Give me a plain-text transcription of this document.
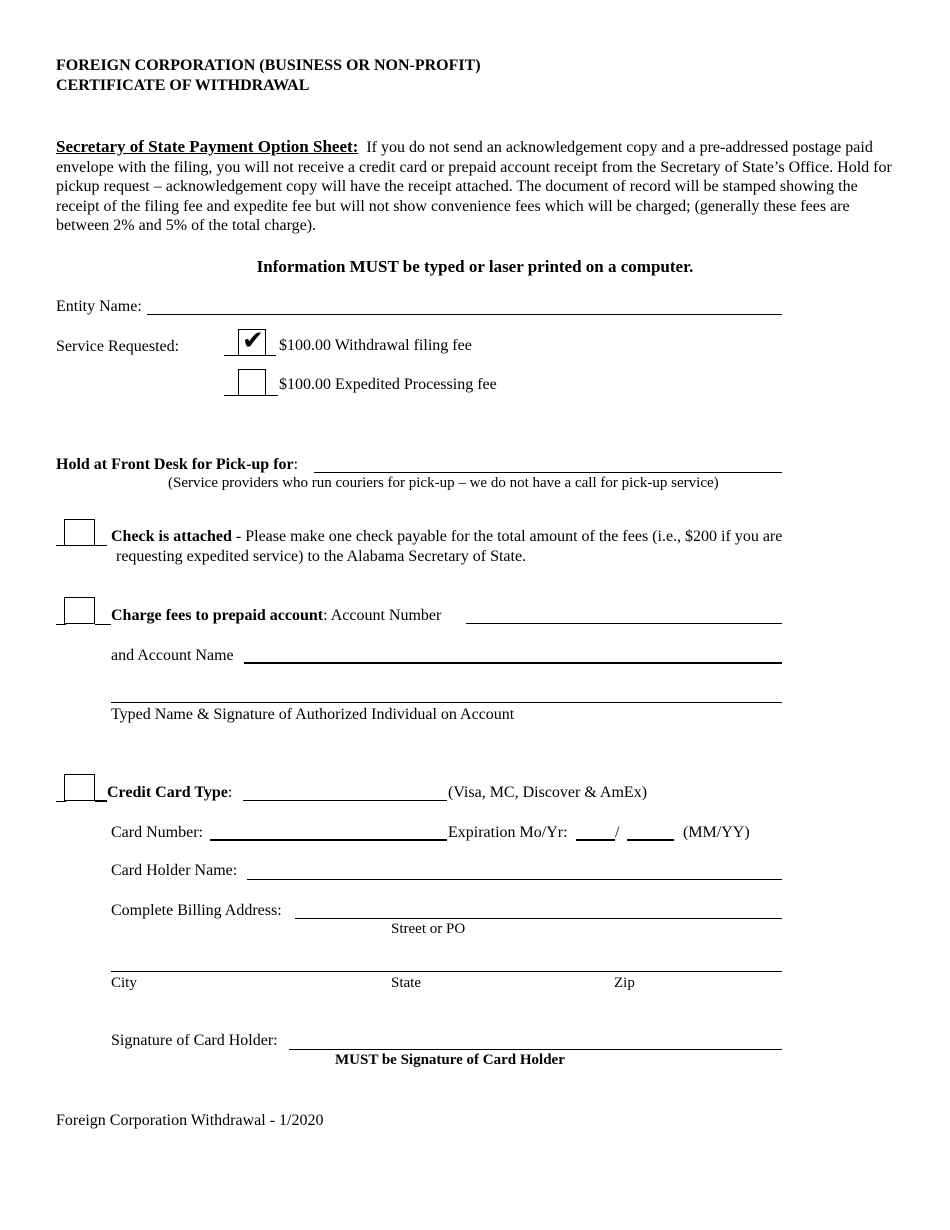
FOREIGN CORPORATION (BUSINESS OR NON-PROFIT)
CERTIFICATE OF WITHDRAWAL
Secretary of State Payment Option Sheet: If you do not send an acknowledgement copy and a pre-addressed postage paid envelope with the filing, you will not receive a credit card or prepaid account receipt from the Secretary of State’s Office. Hold for pickup request – acknowledgement copy will have the receipt attached. The document of record will be stamped showing the receipt of the filing fee and expedite fee but will not show convenience fees which will be charged; (generally these fees are between 2% and 5% of the total charge).
Information MUST be typed or laser printed on a computer.
Entity Name:
Service Requested: ✔ $100.00 Withdrawal filing fee
$100.00 Expedited Processing fee
Hold at Front Desk for Pick-up for:
(Service providers who run couriers for pick-up – we do not have a call for pick-up service)
Check is attached - Please make one check payable for the total amount of the fees (i.e., $200 if you are
requesting expedited service) to the Alabama Secretary of State.
Charge fees to prepaid account: Account Number
and Account Name
Typed Name & Signature of Authorized Individual on Account
Credit Card Type:	(Visa, MC, Discover & AmEx)
Card Number:	Expiration Mo/Yr:	/	(MM/YY)
Card Holder Name:
Complete Billing Address:
Street or PO
City	State	Zip
Signature of Card Holder:
MUST be Signature of Card Holder
Foreign Corporation Withdrawal - 1/2020
